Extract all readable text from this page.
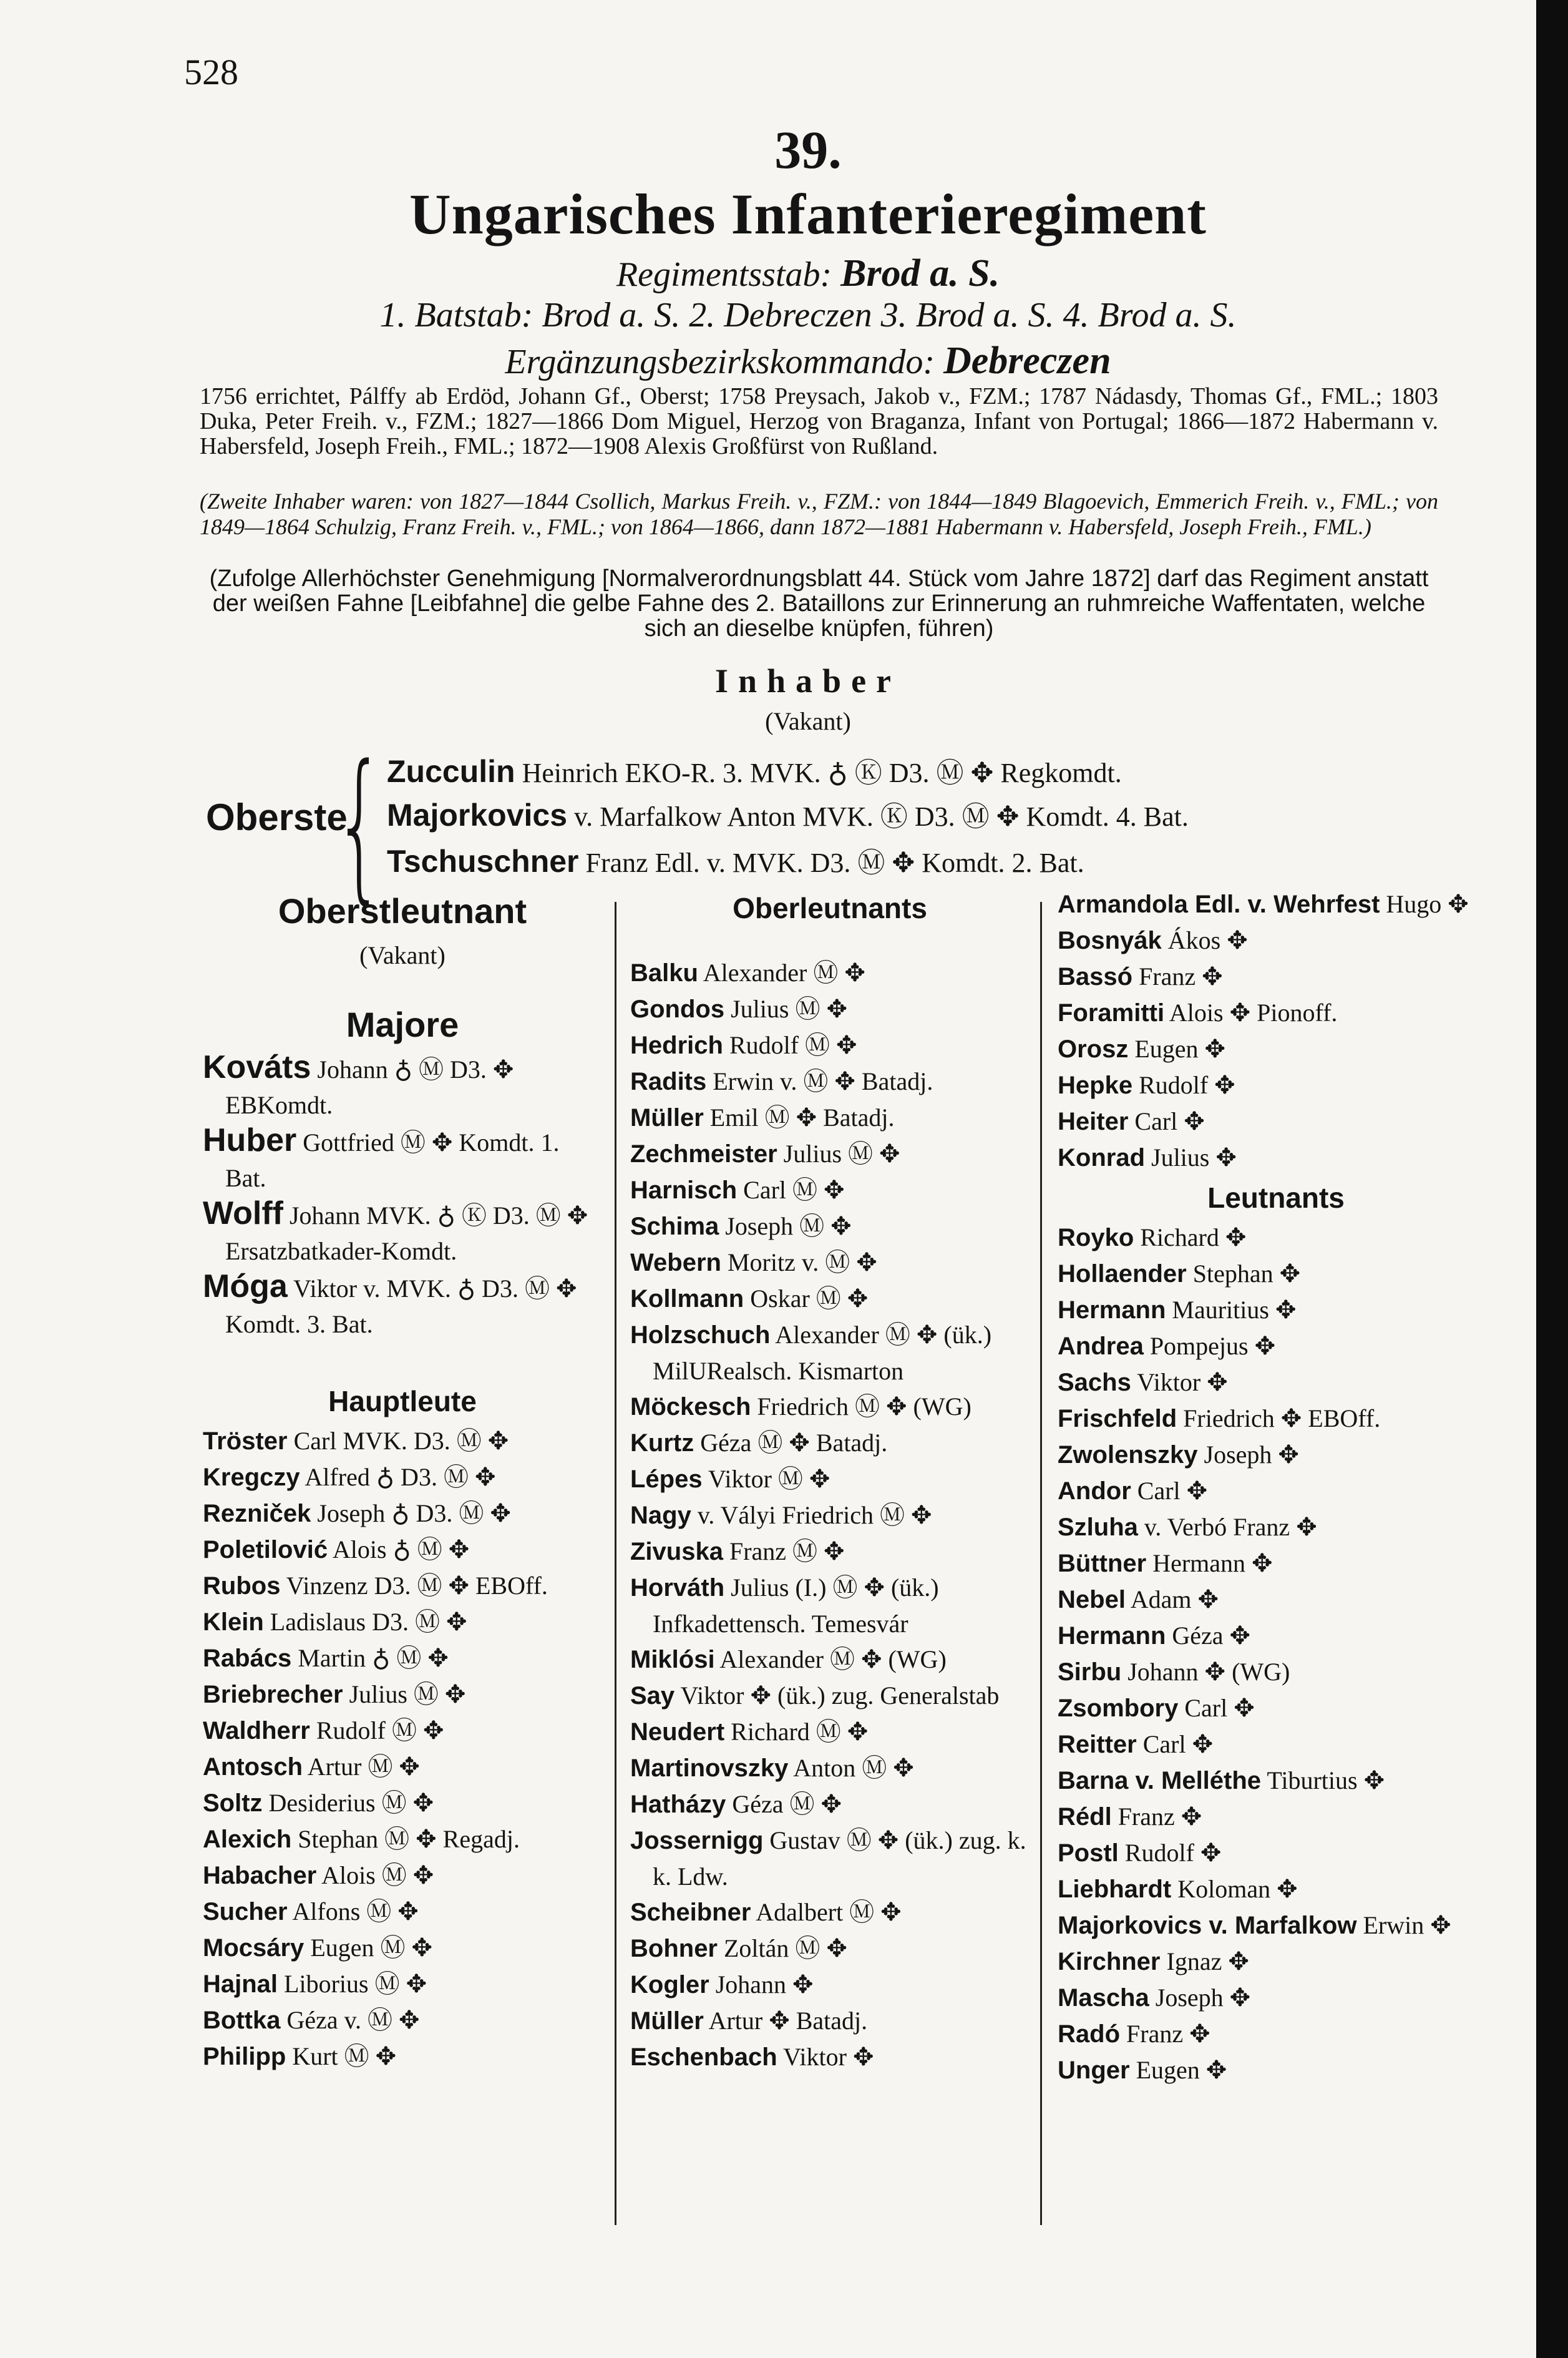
528
39.
Ungarisches Infanterieregiment
Regimentsstab: Brod a. S.
1. Batstab: Brod a. S. 2. Debreczen 3. Brod a. S. 4. Brod a. S.
Ergänzungsbezirkskommando: Debreczen
1756 errichtet, Pálffy ab Erdöd, Johann Gf., Oberst; 1758 Preysach, Jakob v., FZM.; 1787 Nádasdy, Thomas Gf., FML.; 1803 Duka, Peter Freih. v., FZM.; 1827—1866 Dom Miguel, Herzog von Braganza, Infant von Portugal; 1866—1872 Habermann v. Habersfeld, Joseph Freih., FML.; 1872—1908 Alexis Großfürst von Rußland.
(Zweite Inhaber waren: von 1827—1844 Csollich, Markus Freih. v., FZM.: von 1844—1849 Blagoevich, Emmerich Freih. v., FML.; von 1849—1864 Schulzig, Franz Freih. v., FML.; von 1864—1866, dann 1872—1881 Habermann v. Habersfeld, Joseph Freih., FML.)
(Zufolge Allerhöchster Genehmigung [Normalverordnungsblatt 44. Stück vom Jahre 1872] darf das Regiment anstatt der weißen Fahne [Leibfahne] die gelbe Fahne des 2. Bataillons zur Erinnerung an ruhmreiche Waffentaten, welche sich an dieselbe knüpfen, führen)
Inhaber
(Vakant)
Oberste
{ Zucculin Heinrich EKO-R. 3. MVK. ♁ Ⓚ D3. Ⓜ ✥ Regkomdt.
Majorkovics v. Marfalkow Anton MVK. Ⓚ D3. Ⓜ ✥ Komdt. 4. Bat.
Tschuschner Franz Edl. v. MVK. D3. Ⓜ ✥ Komdt. 2. Bat.
Oberstleutnant
(Vakant)
Majore

Kováts Johann ♁ Ⓜ D3. ✥ EBKomdt.

Huber Gottfried Ⓜ ✥ Komdt. 1. Bat.

Wolff Johann MVK. ♁ Ⓚ D3. Ⓜ ✥ Ersatzbatkader-Komdt.

Móga Viktor v. MVK. ♁ D3. Ⓜ ✥ Komdt. 3. Bat.

Hauptleute

Tröster Carl MVK. D3. Ⓜ ✥

Kregczy Alfred ♁ D3. Ⓜ ✥

Rezniček Joseph ♁ D3. Ⓜ ✥

Poletilović Alois ♁ Ⓜ ✥

Rubos Vinzenz D3. Ⓜ ✥ EBOff.

Klein Ladislaus D3. Ⓜ ✥

Rabács Martin ♁ Ⓜ ✥

Briebrecher Julius Ⓜ ✥

Waldherr Rudolf Ⓜ ✥

Antosch Artur Ⓜ ✥

Soltz Desiderius Ⓜ ✥

Alexich Stephan Ⓜ ✥ Regadj.

Habacher Alois Ⓜ ✥

Sucher Alfons Ⓜ ✥

Mocsáry Eugen Ⓜ ✥

Hajnal Liborius Ⓜ ✥

Bottka Géza v. Ⓜ ✥

Philipp Kurt Ⓜ ✥

Oberleutnants

Balku Alexander Ⓜ ✥

Gondos Julius Ⓜ ✥

Hedrich Rudolf Ⓜ ✥

Radits Erwin v. Ⓜ ✥ Batadj.

Müller Emil Ⓜ ✥ Batadj.

Zechmeister Julius Ⓜ ✥

Harnisch Carl Ⓜ ✥

Schima Joseph Ⓜ ✥

Webern Moritz v. Ⓜ ✥

Kollmann Oskar Ⓜ ✥

Holzschuch Alexander Ⓜ ✥ (ük.) MilURealsch. Kismarton

Möckesch Friedrich Ⓜ ✥ (WG)

Kurtz Géza Ⓜ ✥ Batadj.

Lépes Viktor Ⓜ ✥

Nagy v. Vályi Friedrich Ⓜ ✥

Zivuska Franz Ⓜ ✥

Horváth Julius (I.) Ⓜ ✥ (ük.) Infkadettensch. Temesvár

Miklósi Alexander Ⓜ ✥ (WG)

Say Viktor ✥ (ük.) zug. Generalstab

Neudert Richard Ⓜ ✥

Martinovszky Anton Ⓜ ✥

Hatházy Géza Ⓜ ✥

Jossernigg Gustav Ⓜ ✥ (ük.) zug. k. k. Ldw.

Scheibner Adalbert Ⓜ ✥

Bohner Zoltán Ⓜ ✥

Kogler Johann ✥

Müller Artur ✥ Batadj.

Eschenbach Viktor ✥

Armandola Edl. v. Wehrfest Hugo ✥

Bosnyák Ákos ✥

Bassó Franz ✥

Foramitti Alois ✥ Pionoff.

Orosz Eugen ✥

Hepke Rudolf ✥

Heiter Carl ✥

Konrad Julius ✥

Leutnants

Royko Richard ✥

Hollaender Stephan ✥

Hermann Mauritius ✥

Andrea Pompejus ✥

Sachs Viktor ✥

Frischfeld Friedrich ✥ EBOff.

Zwolenszky Joseph ✥

Andor Carl ✥

Szluha v. Verbó Franz ✥

Büttner Hermann ✥

Nebel Adam ✥

Hermann Géza ✥

Sirbu Johann ✥ (WG)

Zsombory Carl ✥

Reitter Carl ✥

Barna v. Melléthe Tiburtius ✥

Rédl Franz ✥

Postl Rudolf ✥

Liebhardt Koloman ✥

Majorkovics v. Marfalkow Erwin ✥

Kirchner Ignaz ✥

Mascha Joseph ✥

Radó Franz ✥

Unger Eugen ✥
